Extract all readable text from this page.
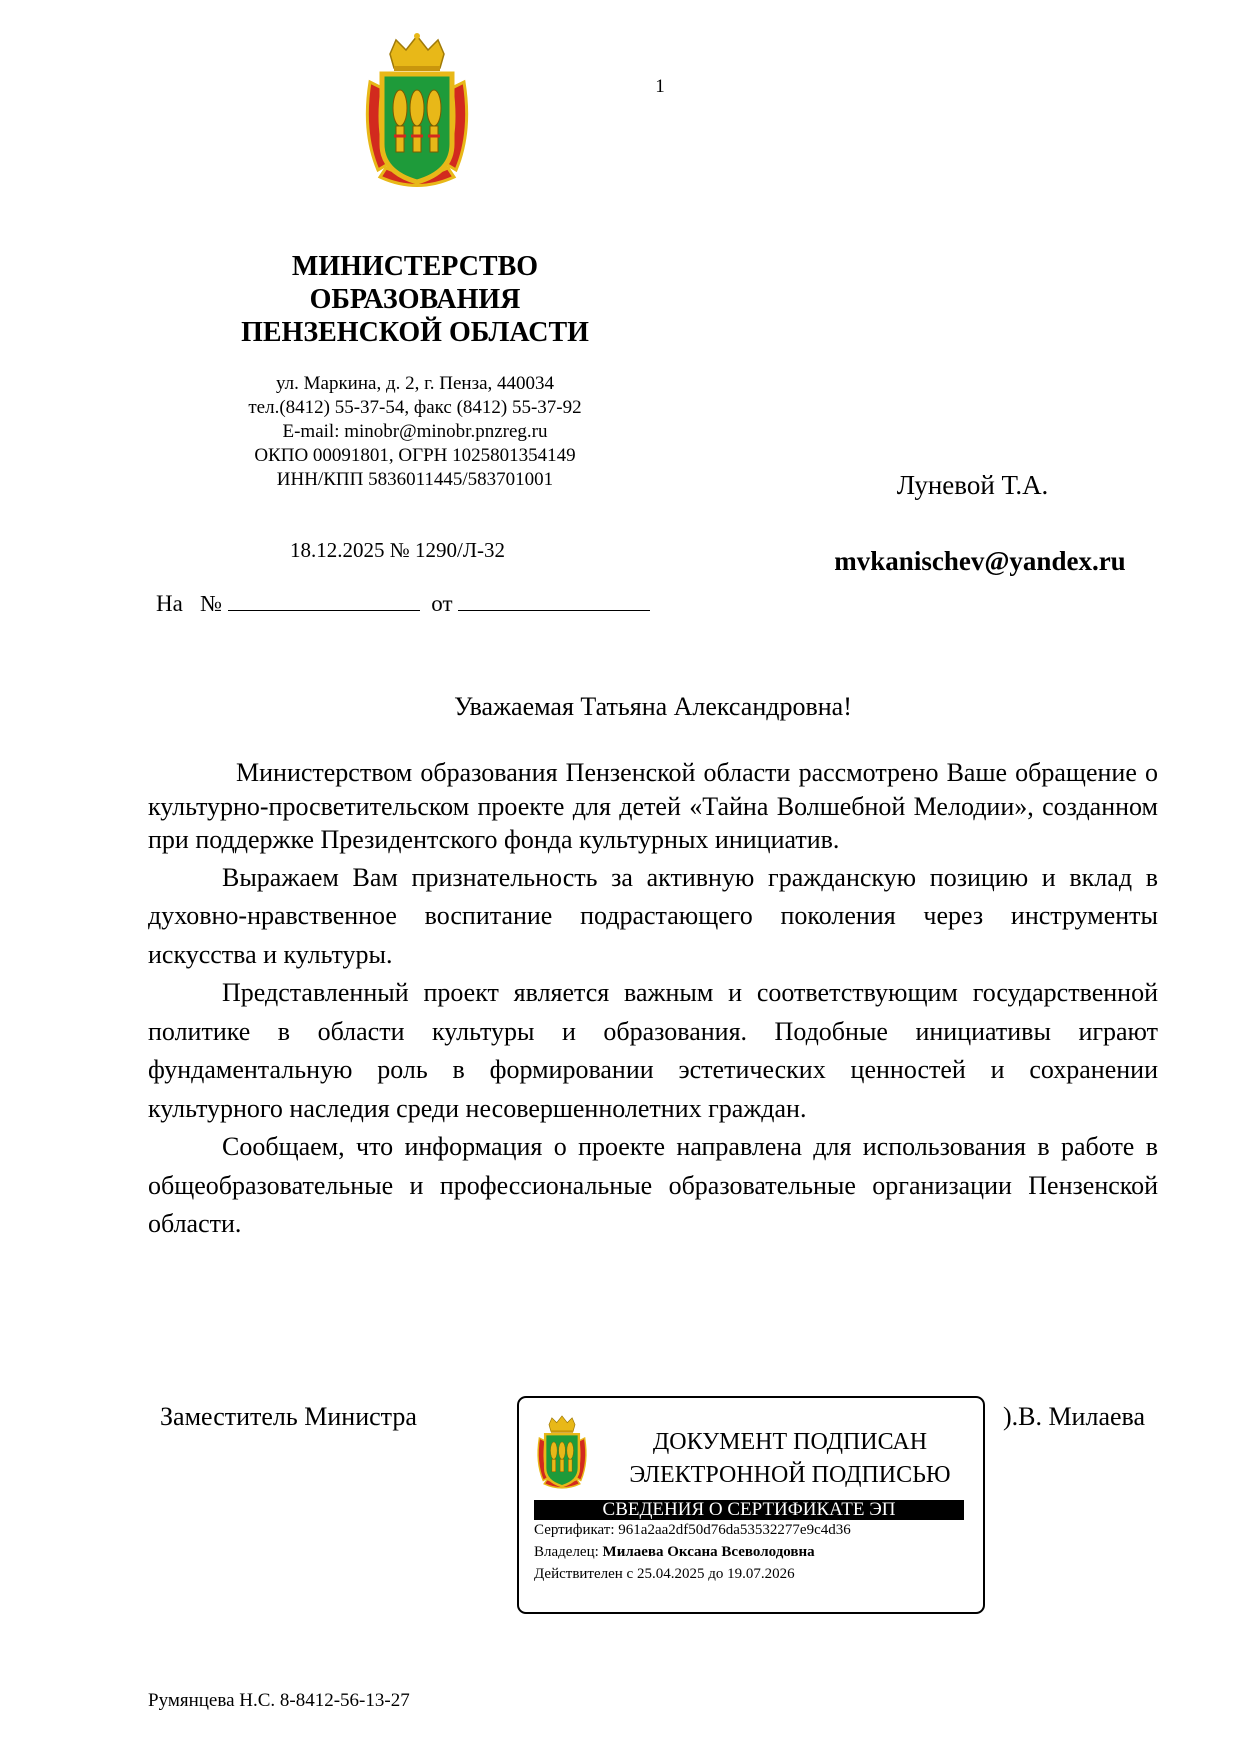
1
МИНИСТЕРСТВО
ОБРАЗОВАНИЯ
ПЕНЗЕНСКОЙ ОБЛАСТИ
ул. Маркина, д. 2, г. Пенза, 440034
тел.(8412) 55-37-54, факс (8412) 55-37-92
E-mail: minobr@minobr.pnzreg.ru
ОКПО 00091801, ОГРН 1025801354149
ИНН/КПП 5836011445/583701001
18.12.2025 № 1290/Л-32
На №	от
Луневой Т.А.
mvkanischev@yandex.ru
Уважаемая Татьяна Александровна!

Министерством образования Пензенской области рассмотрено Ваше обращение о культурно-просветительском проекте для детей «Тайна Волшебной Мелодии», созданном при поддержке Президентского фонда культурных инициатив.

Выражаем Вам признательность за активную гражданскую позицию и вклад в духовно-нравственное воспитание подрастающего поколения через инструменты искусства и культуры.

Представленный проект является важным и соответствующим государственной политике в области культуры и образования. Подобные инициативы играют фундаментальную роль в формировании эстетических ценностей и сохранении культурного наследия среди несовершеннолетних граждан.

Сообщаем, что информация о проекте направлена для использования в работе в общеобразовательные и профессиональные образовательные организации Пензенской области.

Заместитель Министра	).В. Милаева
ДОКУМЕНТ ПОДПИСАН
ЭЛЕКТРОННОЙ ПОДПИСЬЮ
СВЕДЕНИЯ О СЕРТИФИКАТЕ ЭП
Сертификат: 961a2aa2df50d76da53532277e9c4d36
Владелец: Милаева Оксана Всеволодовна
Действителен с 25.04.2025 до 19.07.2026
Румянцева Н.С. 8-8412-56-13-27
